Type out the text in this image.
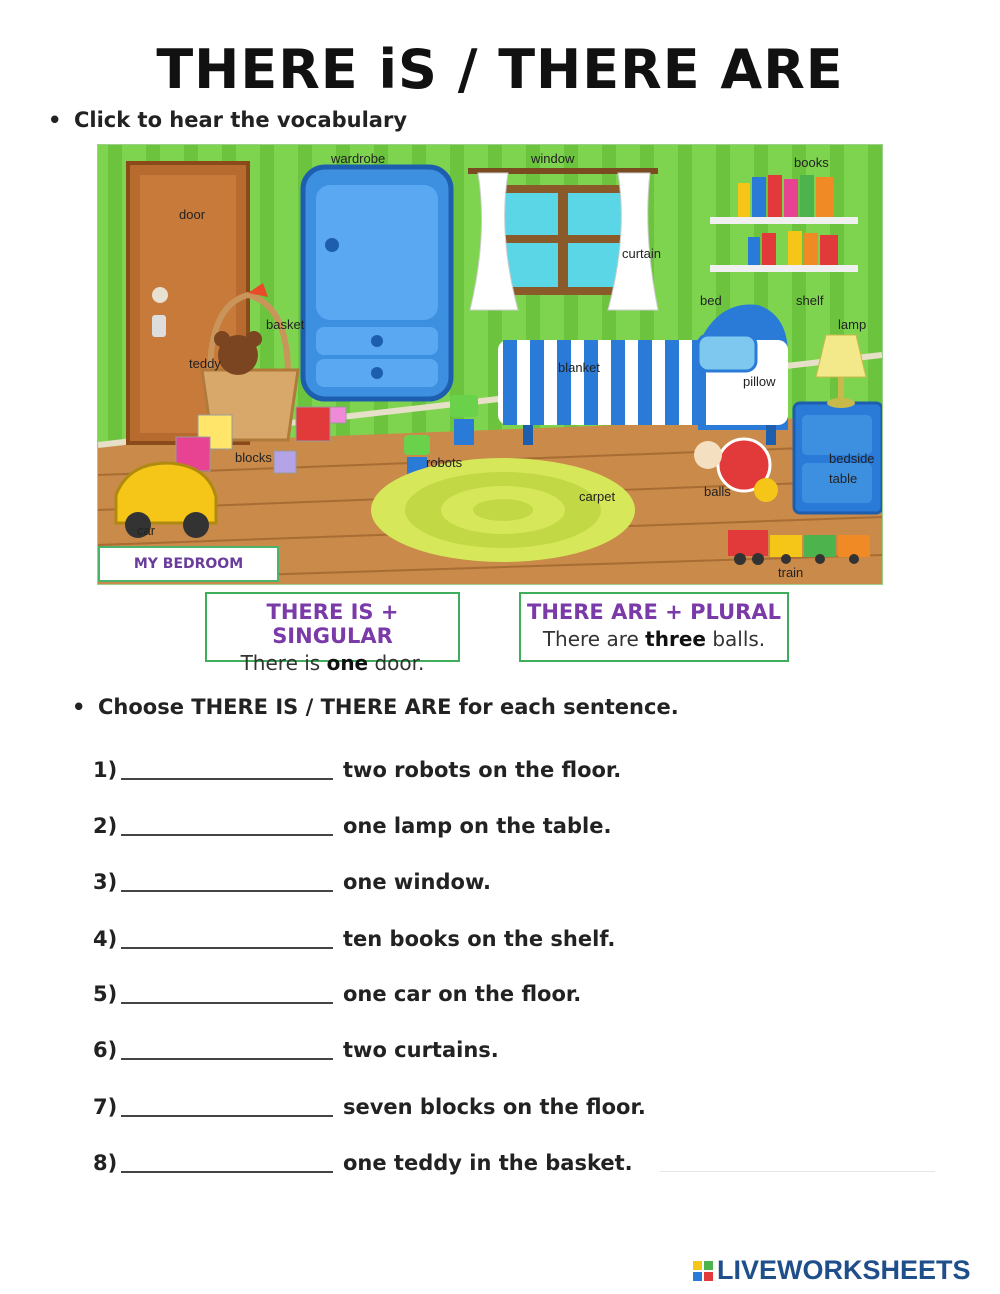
THERE iS / THERE ARE
• Click to hear the vocabulary
wardrobe	window	books
door
curtain
bed	shelf
lamp
basket
teddy	blanket
pillow
robots
blocks	bedside
table
carpet	balls
car
train
MY BEDROOM
THERE IS + SINGULAR
There is one door.
THERE ARE + PLURAL
There are three balls.
• Choose THERE IS / THERE ARE for each sentence.
1)	two robots on the floor.
2)	one lamp on the table.
3)	one window.
4)	ten books on the shelf.
5)	one car on the floor.
6)	two curtains.
7)	seven blocks on the floor.
8)	one teddy in the basket.
LIVEWORKSHEETS
